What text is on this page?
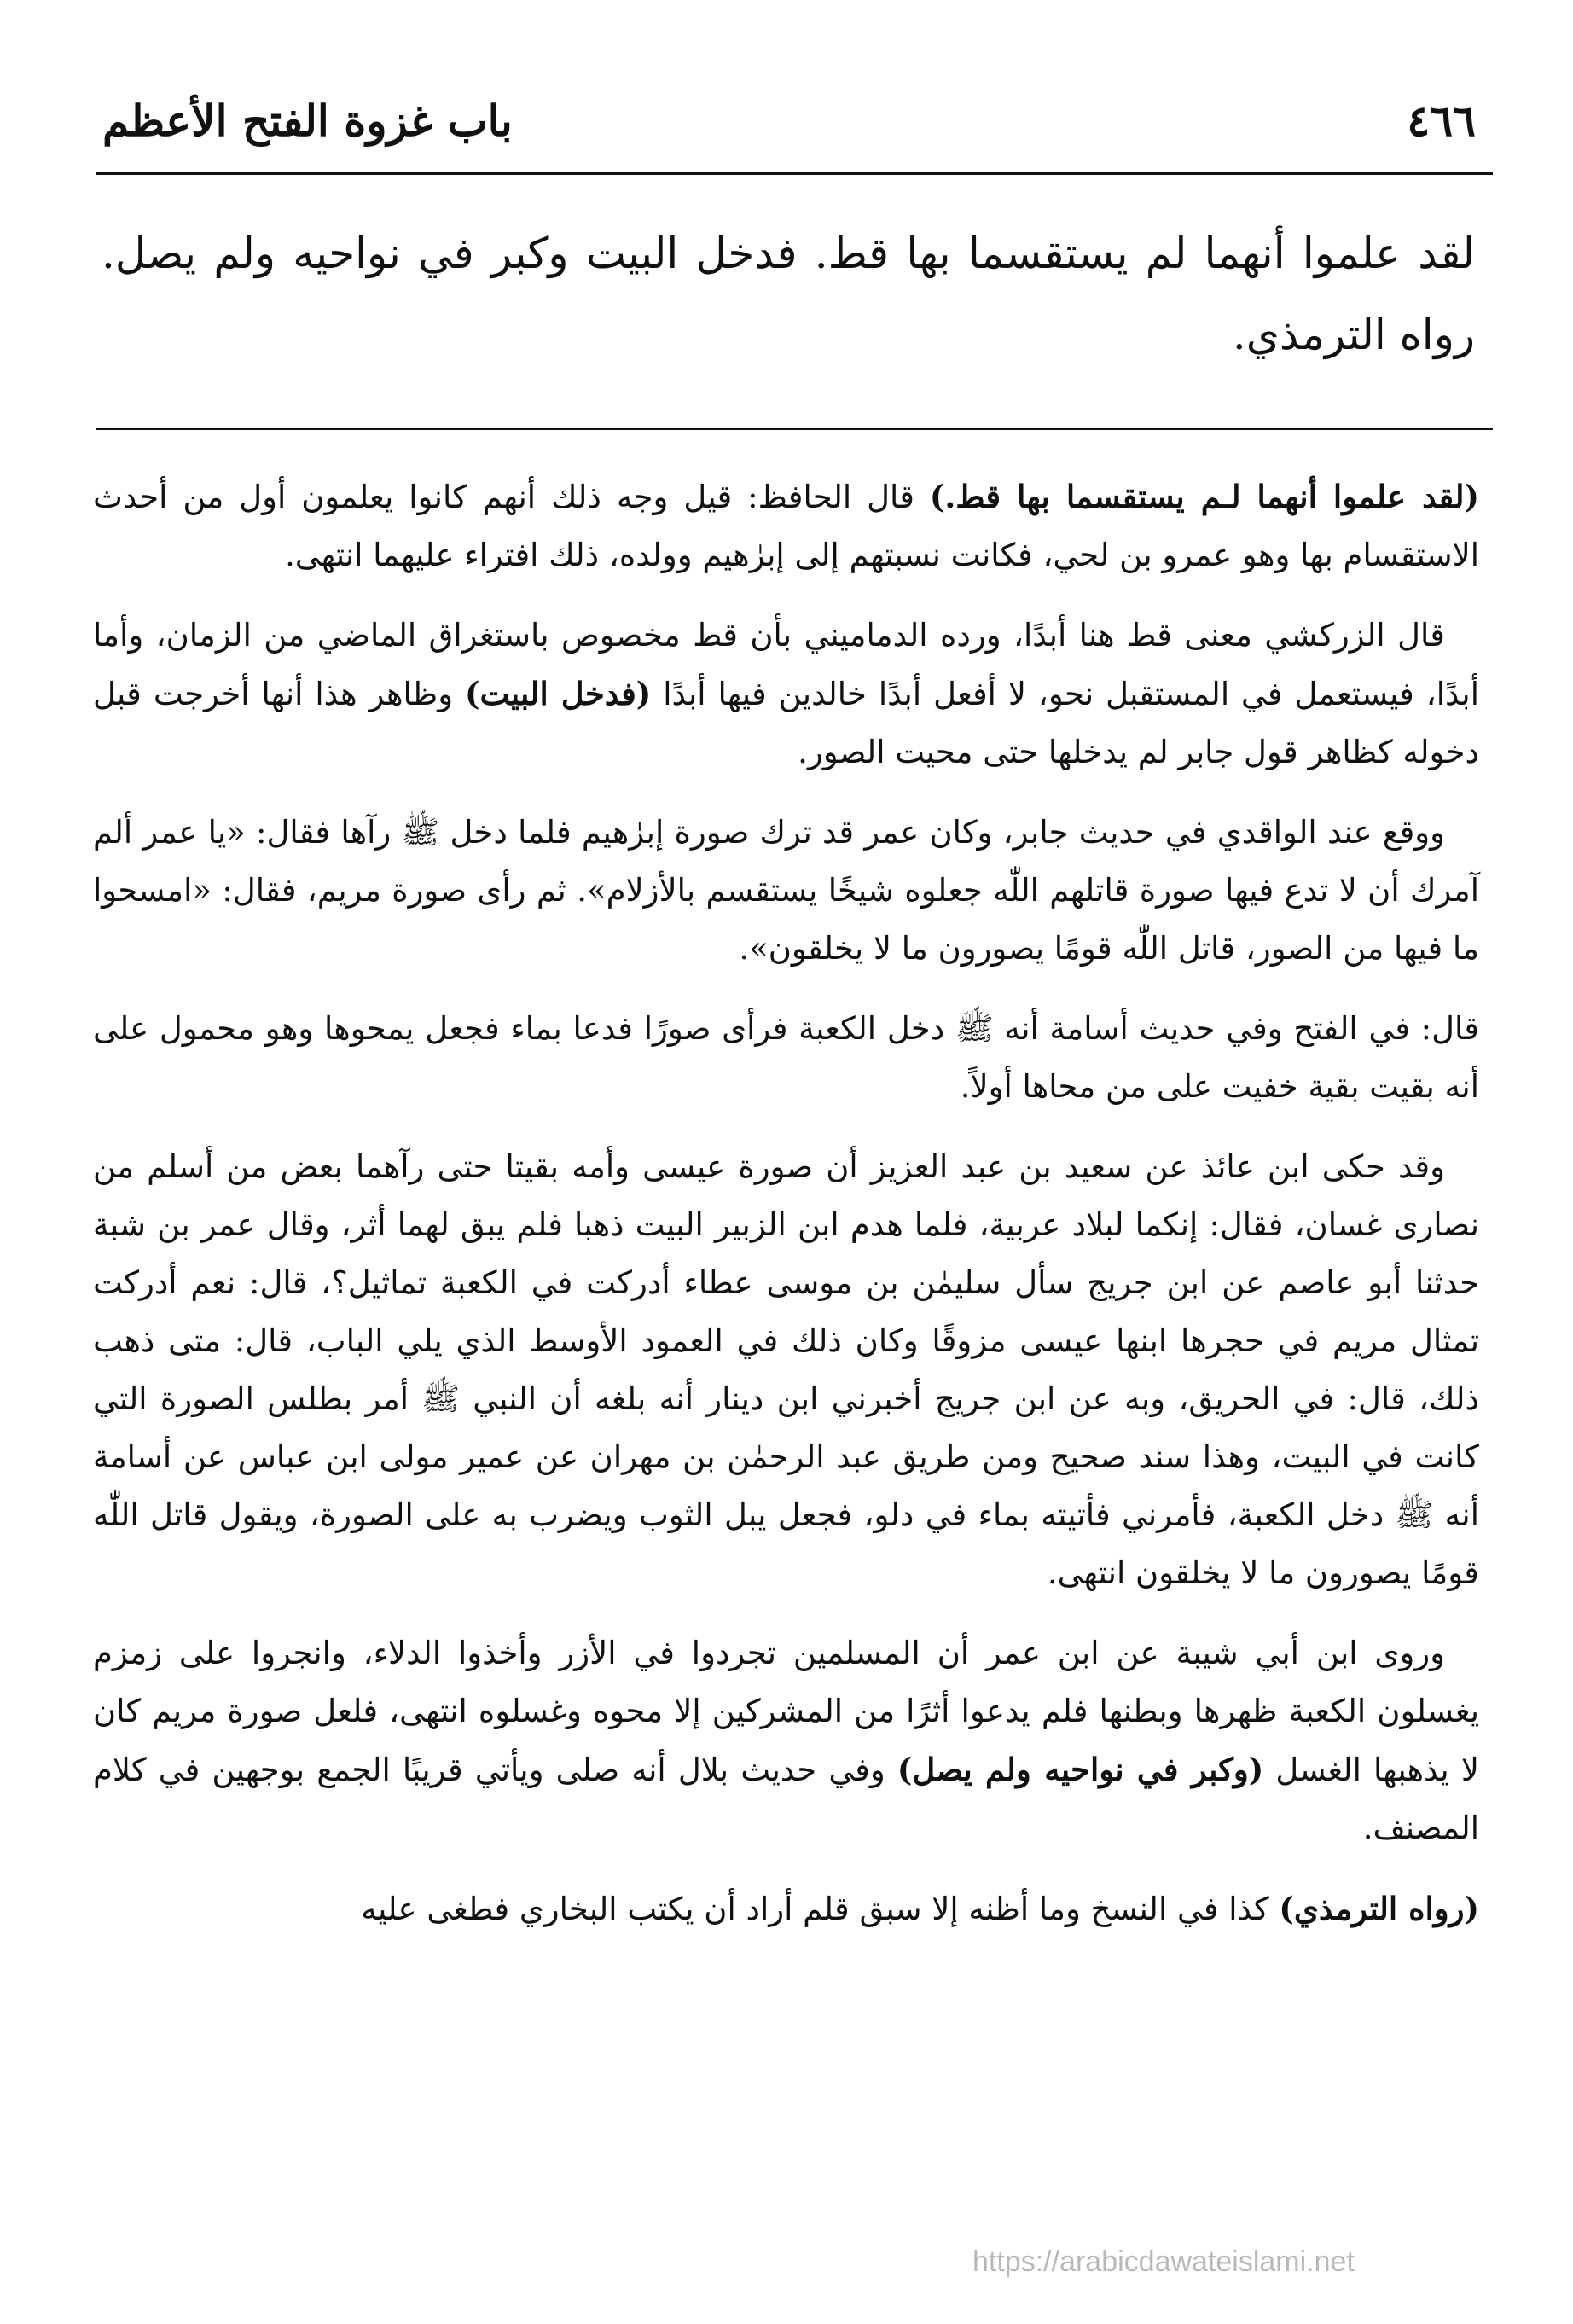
٤٦٦
باب غزوة الفتح الأعظم

لقد علموا أنهما لم يستقسما بها قط. فدخل البيت وكبر في نواحيه ولم يصل. رواه الترمذي.

(لقد علموا أنهما لـم يستقسما بها قط.) قال الحافظ: قيل وجه ذلك أنهم كانوا يعلمون أول من أحدث الاستقسام بها وهو عمرو بن لحي، فكانت نسبتهم إلى إبرٰهيم وولده، ذلك افتراء عليهما انتهى.

قال الزركشي معنى قط هنا أبدًا، ورده الدماميني بأن قط مخصوص باستغراق الماضي من الزمان، وأما أبدًا، فيستعمل في المستقبل نحو، لا أفعل أبدًا خالدين فيها أبدًا (فدخل البيت) وظاهر هذا أنها أخرجت قبل دخوله كظاهر قول جابر لم يدخلها حتى محيت الصور.

ووقع عند الواقدي في حديث جابر، وكان عمر قد ترك صورة إبرٰهيم فلما دخل ﷺ رآها فقال: «يا عمر ألم آمرك أن لا تدع فيها صورة قاتلهم اللّٰه جعلوه شيخًا يستقسم بالأزلام». ثم رأى صورة مريم، فقال: «امسحوا ما فيها من الصور، قاتل اللّٰه قومًا يصورون ما لا يخلقون».

قال: في الفتح وفي حديث أسامة أنه ﷺ دخل الكعبة فرأى صورًا فدعا بماء فجعل يمحوها وهو محمول على أنه بقيت بقية خفيت على من محاها أولاً.

وقد حكى ابن عائذ عن سعيد بن عبد العزيز أن صورة عيسى وأمه بقيتا حتى رآهما بعض من أسلم من نصارى غسان، فقال: إنكما لبلاد عربية، فلما هدم ابن الزبير البيت ذهبا فلم يبق لهما أثر، وقال عمر بن شبة حدثنا أبو عاصم عن ابن جريج سأل سليمٰن بن موسى عطاء أدركت في الكعبة تماثيل؟، قال: نعم أدركت تمثال مريم في حجرها ابنها عيسى مزوقًا وكان ذلك في العمود الأوسط الذي يلي الباب، قال: متى ذهب ذلك، قال: في الحريق، وبه عن ابن جريج أخبرني ابن دينار أنه بلغه أن النبي ﷺ أمر بطلس الصورة التي كانت في البيت، وهذا سند صحيح ومن طريق عبد الرحمٰن بن مهران عن عمير مولى ابن عباس عن أسامة أنه ﷺ دخل الكعبة، فأمرني فأتيته بماء في دلو، فجعل يبل الثوب ويضرب به على الصورة، ويقول قاتل اللّٰه قومًا يصورون ما لا يخلقون انتهى.

وروى ابن أبي شيبة عن ابن عمر أن المسلمين تجردوا في الأزر وأخذوا الدلاء، وانجروا على زمزم يغسلون الكعبة ظهرها وبطنها فلم يدعوا أثرًا من المشركين إلا محوه وغسلوه انتهى، فلعل صورة مريم كان لا يذهبها الغسل (وكبر في نواحيه ولم يصل) وفي حديث بلال أنه صلى ويأتي قريبًا الجمع بوجهين في كلام المصنف.

(رواه الترمذي) كذا في النسخ وما أظنه إلا سبق قلم أراد أن يكتب البخاري فطغى عليه

https://arabicdawateislami.net
